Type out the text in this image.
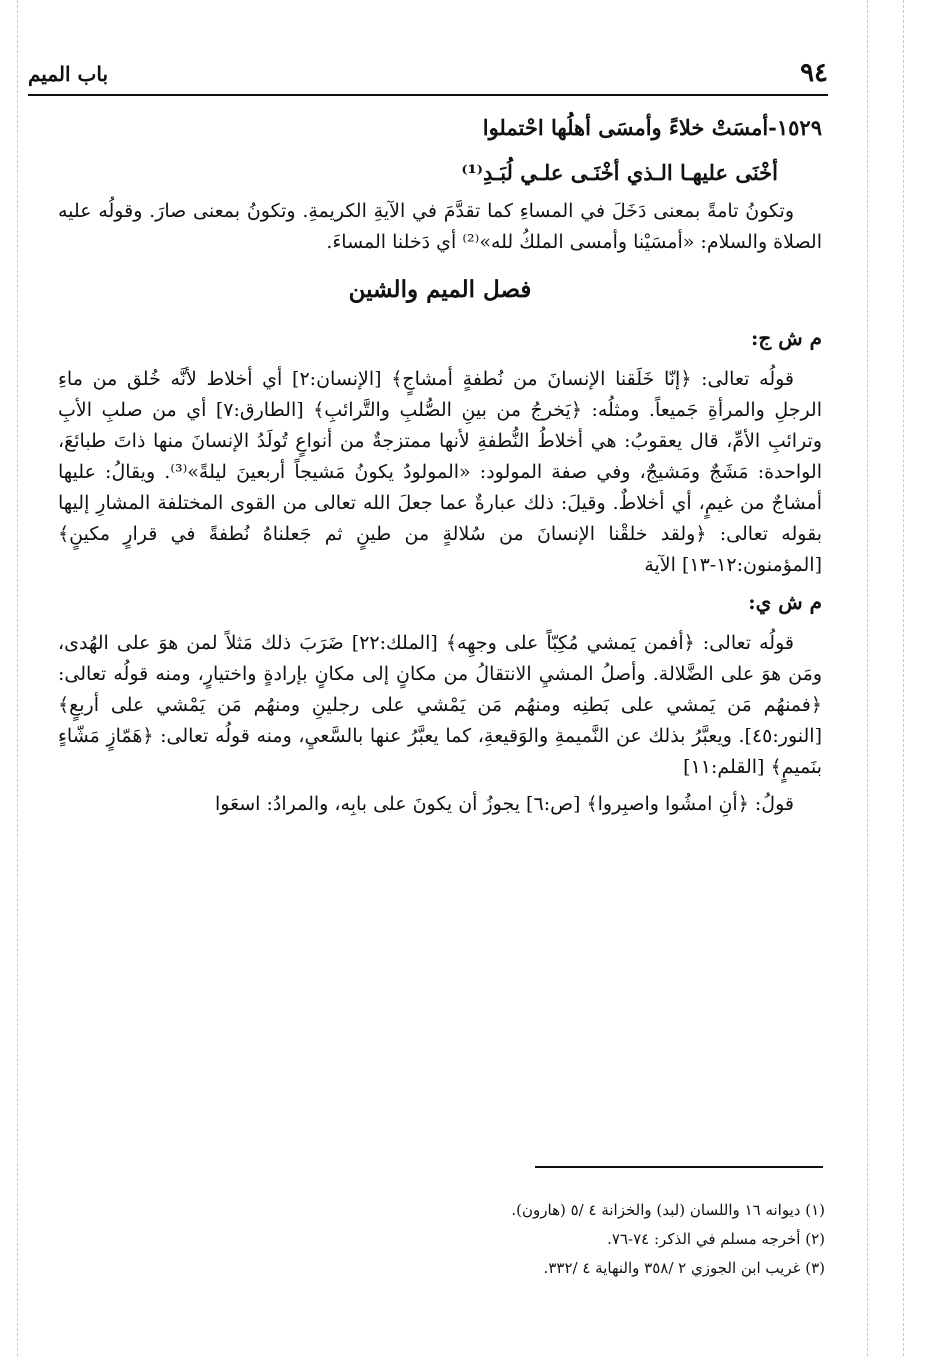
٩٤
باب الميم
١٥٢٩-أمسَتْ خلاءً وأمسَى أهلُها احْتملوا
أخْنَى عليهـا الـذي أخْنَـى علـي لُبَـدِ⁽¹⁾

وتكونُ تامةً بمعنى دَخَلَ في المساءِ كما تقدَّمَ في الآيةِ الكريمةِ. وتكونُ بمعنى صارَ. وقولُه عليه الصلاة والسلام: «أمسَيْنا وأمسى الملكُ لله»⁽²⁾ أي دَخلنا المساءَ.

فصل الميم والشين
م ش ج:

قولُه تعالى: ﴿إنّا خَلَقنا الإنسانَ من نُطفةٍ أمشاجٍ﴾ [الإنسان:٢] أي أخلاط لأنَّه خُلق من ماءِ الرجلِ والمرأةِ جَميعاً. ومثلُه: ﴿يَخرجُ من بينِ الصُّلبِ والتَّرائبِ﴾ [الطارق:٧] أي من صلبِ الأبِ وترائبِ الأمِّ، قال يعقوبُ: هي أخلاطُ النُّطفةِ لأنها ممتزجةٌ من أنواعٍ تُولَدُ الإنسانَ منها ذاتَ طبائعَ، الواحدة: مَشَجٌ ومَشيجٌ، وفي صفة المولود: «المولودُ يكونُ مَشيجاً أربعينَ ليلةً»⁽³⁾. ويقالُ: عليها أمشاجٌ من غيمٍ، أي أخلاطٌ. وقيلَ: ذلك عبارةٌ عما جعلَ الله تعالى من القوى المختلفة المشارِ إليها بقوله تعالى: ﴿ولقد خلقْنا الإنسانَ من سُلالةٍ من طينٍ ثم جَعلناهُ نُطفةً في قرارٍ مكينٍ﴾ [المؤمنون:١٢-١٣] الآية

م ش ي:

قولُه تعالى: ﴿أفمن يَمشي مُكِبّاً على وجهِه﴾ [الملك:٢٢] ضَرَبَ ذلك مَثلاً لمن هوَ على الهُدى، ومَن هوَ على الضَّلالة. وأصلُ المشيِ الانتقالُ من مكانٍ إلى مكانٍ بإرادةٍ واختيارٍ، ومنه قولُه تعالى: ﴿فمنهُم مَن يَمشي على بَطنِه ومنهُم مَن يَمْشي على رجلينِ ومنهُم مَن يَمْشي على أربعٍ﴾ [النور:٤٥]. ويعبَّرُ بذلك عن النَّميمةِ والوَقيعةِ، كما يعبَّرُ عنها بالسَّعيِ، ومنه قولُه تعالى: ﴿هَمّازٍ مَشّاءٍ بنَميمٍ﴾ [القلم:١١]

قولُ: ﴿أنِ امشُوا واصبِروا﴾ [ص:٦] يجوزُ أن يكونَ على بابِه، والمرادُ: اسعَوا

(١) ديوانه ١٦ واللسان (لبد) والخزانة ٤ /٥ (هارون).
(٢) أخرجه مسلم في الذكر: ٧٤-٧٦.
(٣) غريب ابن الجوزي ٢ /٣٥٨ والنهاية ٤ /٣٣٢.
